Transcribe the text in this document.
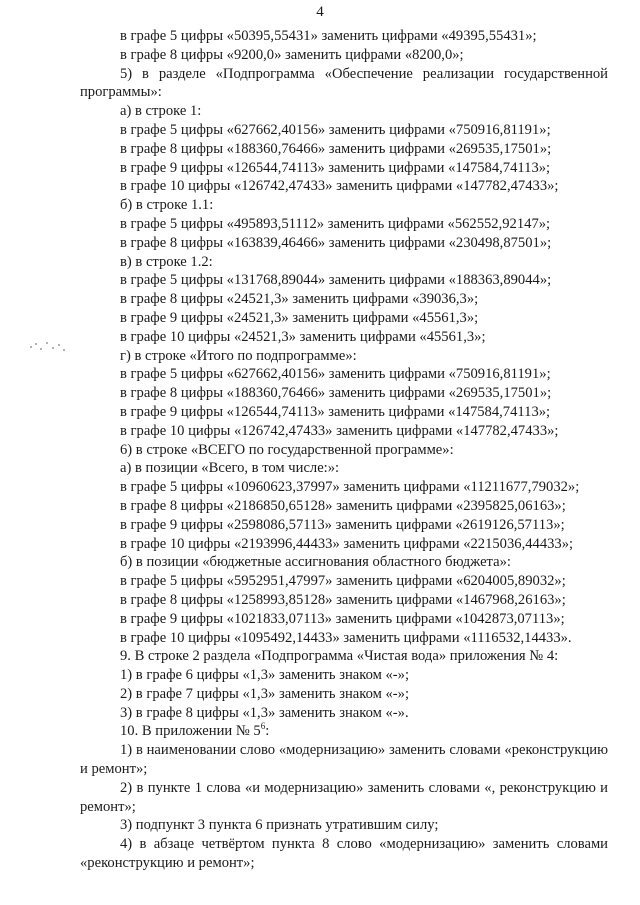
4

в графе 5 цифры «50395,55431» заменить цифрами «49395,55431»;

в графе 8 цифры «9200,0» заменить цифрами «8200,0»;

5) в разделе «Подпрограмма «Обеспечение реализации государственной программы»:

а) в строке 1:

в графе 5 цифры «627662,40156» заменить цифрами «750916,81191»;

в графе 8 цифры «188360,76466» заменить цифрами «269535,17501»;

в графе 9 цифры «126544,74113» заменить цифрами «147584,74113»;

в графе 10 цифры «126742,47433» заменить цифрами «147782,47433»;

б) в строке 1.1:

в графе 5 цифры «495893,51112» заменить цифрами «562552,92147»;

в графе 8 цифры «163839,46466» заменить цифрами «230498,87501»;

в) в строке 1.2:

в графе 5 цифры «131768,89044» заменить цифрами «188363,89044»;

в графе 8 цифры «24521,3» заменить цифрами «39036,3»;

в графе 9 цифры «24521,3» заменить цифрами «45561,3»;

в графе 10 цифры «24521,3» заменить цифрами «45561,3»;

г) в строке «Итого по подпрограмме»:

в графе 5 цифры «627662,40156» заменить цифрами «750916,81191»;

в графе 8 цифры «188360,76466» заменить цифрами «269535,17501»;

в графе 9 цифры «126544,74113» заменить цифрами «147584,74113»;

в графе 10 цифры «126742,47433» заменить цифрами «147782,47433»;

6) в строке «ВСЕГО по государственной программе»:

а) в позиции «Всего, в том числе:»:

в графе 5 цифры «10960623,37997» заменить цифрами «11211677,79032»;

в графе 8 цифры «2186850,65128» заменить цифрами «2395825,06163»;

в графе 9 цифры «2598086,57113» заменить цифрами «2619126,57113»;

в графе 10 цифры «2193996,44433» заменить цифрами «2215036,44433»;

б) в позиции «бюджетные ассигнования областного бюджета»:

в графе 5 цифры «5952951,47997» заменить цифрами «6204005,89032»;

в графе 8 цифры «1258993,85128» заменить цифрами «1467968,26163»;

в графе 9 цифры «1021833,07113» заменить цифрами «1042873,07113»;

в графе 10 цифры «1095492,14433» заменить цифрами «1116532,14433».

9. В строке 2 раздела «Подпрограмма «Чистая вода» приложения № 4:

1) в графе 6 цифры «1,3» заменить знаком «-»;

2) в графе 7 цифры «1,3» заменить знаком «-»;

3) в графе 8 цифры «1,3» заменить знаком «-».

10. В приложении № $5^6$:

1) в наименовании слово «модернизацию» заменить словами «реконструкцию и ремонт»;

2) в пункте 1 слова «и модернизацию» заменить словами «, реконструкцию и ремонт»;

3) подпункт 3 пункта 6 признать утратившим силу;

4) в абзаце четвёртом пункта 8 слово «модернизацию» заменить словами «реконструкцию и ремонт»;
